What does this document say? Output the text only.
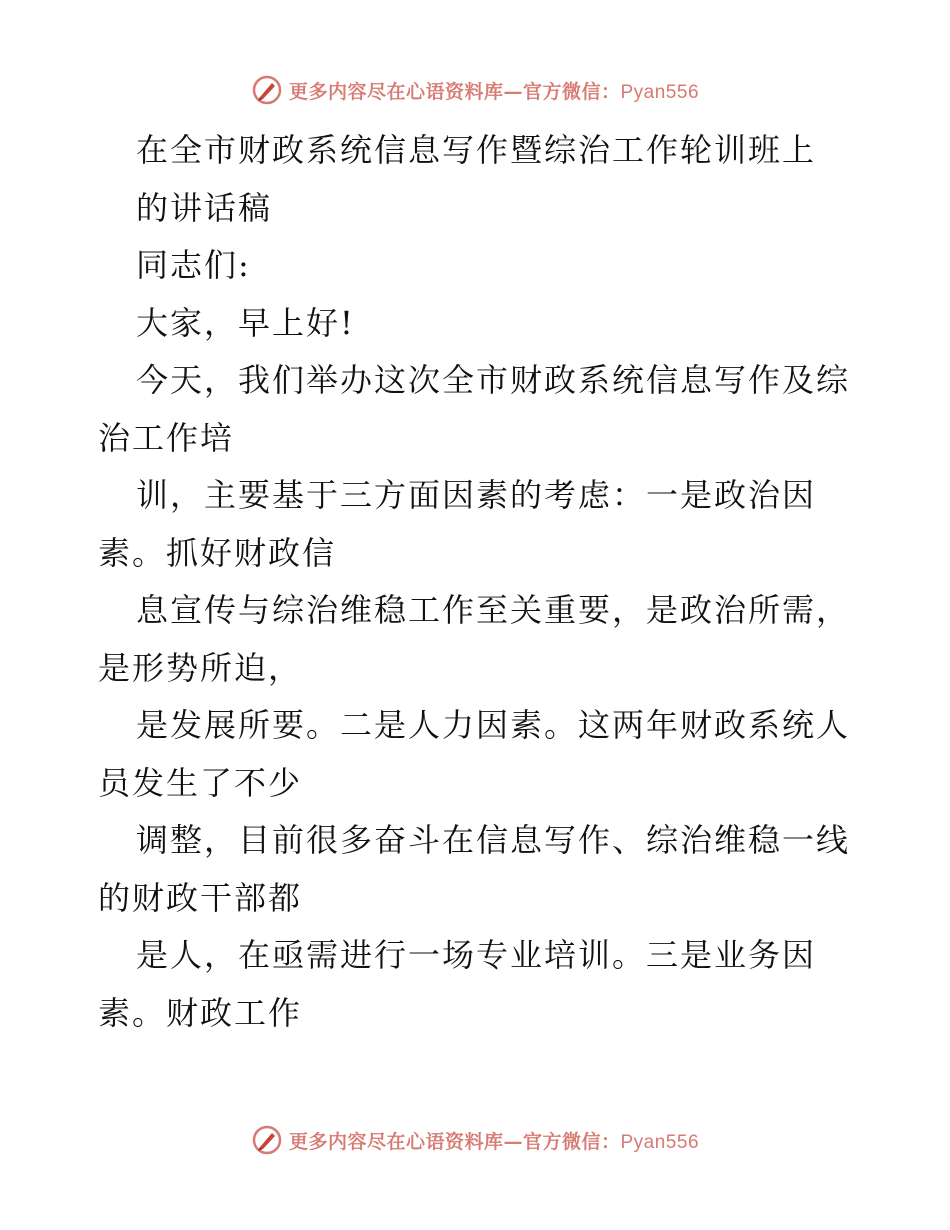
更多内容尽在心语资料库—官方微信：Pyan556
在全市财政系统信息写作暨综治工作轮训班上
的讲话稿
同志们:
大家，早上好!
今天，我们举办这次全市财政系统信息写作及综
治工作培
训，主要基于三方面因素的考虑：一是政治因
素。抓好财政信
息宣传与综治维稳工作至关重要，是政治所需，
是形势所迫，
是发展所要。二是人力因素。这两年财政系统人
员发生了不少
调整，目前很多奋斗在信息写作、综治维稳一线
的财政干部都
是人，在亟需进行一场专业培训。三是业务因
素。财政工作
更多内容尽在心语资料库—官方微信：Pyan556
